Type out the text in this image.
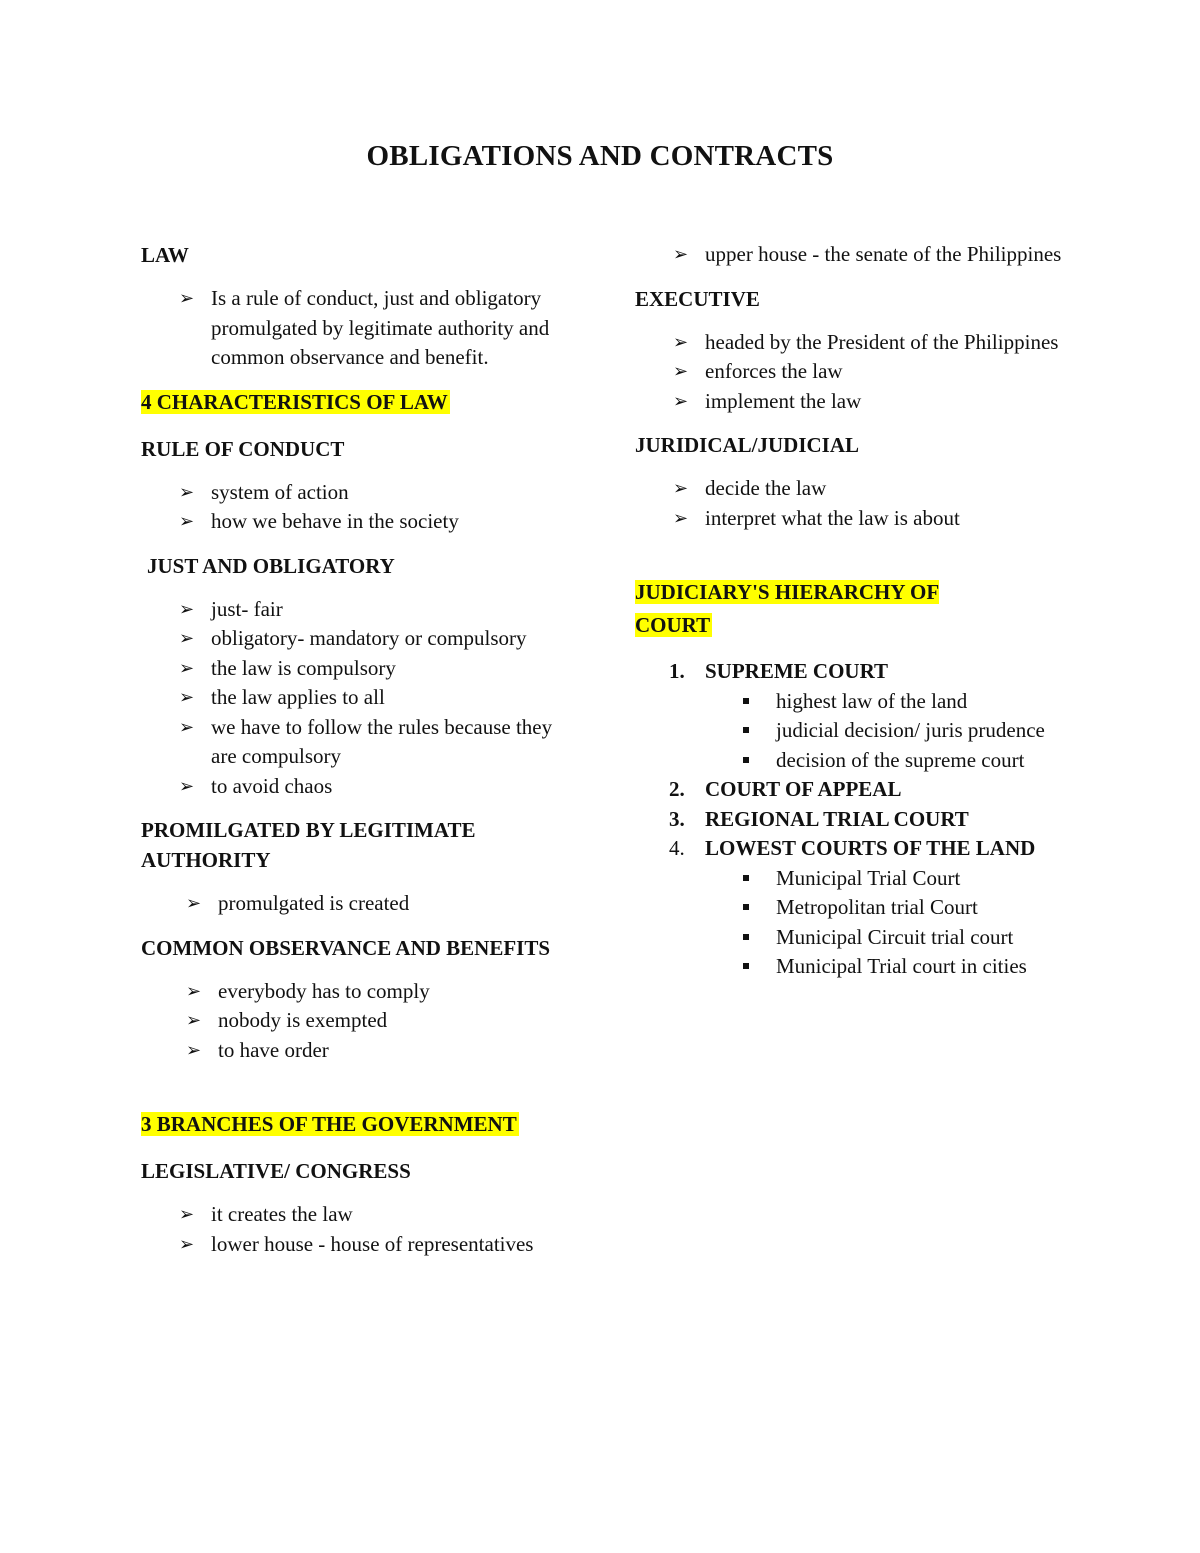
OBLIGATIONS AND CONTRACTS
LAW
➢ Is a rule of conduct, just and obligatory promulgated by legitimate authority and common observance and benefit.
4 CHARACTERISTICS OF LAW
RULE OF CONDUCT
➢ system of action
➢ how we behave in the society
JUST AND OBLIGATORY
➢ just- fair
➢ obligatory- mandatory or compulsory
➢ the law is compulsory
➢ the law applies to all
➢ we have to follow the rules because they are compulsory
➢ to avoid chaos
PROMILGATED BY LEGITIMATE AUTHORITY
➢ promulgated is created
COMMON OBSERVANCE AND BENEFITS
➢ everybody has to comply
➢ nobody is exempted
➢ to have order
3 BRANCHES OF THE GOVERNMENT
LEGISLATIVE/ CONGRESS
➢ it creates the law
➢ lower house - house of representatives
➢ upper house - the senate of the Philippines
EXECUTIVE
➢ headed by the President of the Philippines
➢ enforces the law
➢ implement the law
JURIDICAL/JUDICIAL
➢ decide the law
➢ interpret what the law is about
JUDICIARY'S HIERARCHY OF COURT
1. SUPREME COURT
highest law of the land
judicial decision/ juris prudence
decision of the supreme court
2. COURT OF APPEAL
3. REGIONAL TRIAL COURT
4. LOWEST COURTS OF THE LAND
Municipal Trial Court
Metropolitan trial Court
Municipal Circuit trial court
Municipal Trial court in cities
